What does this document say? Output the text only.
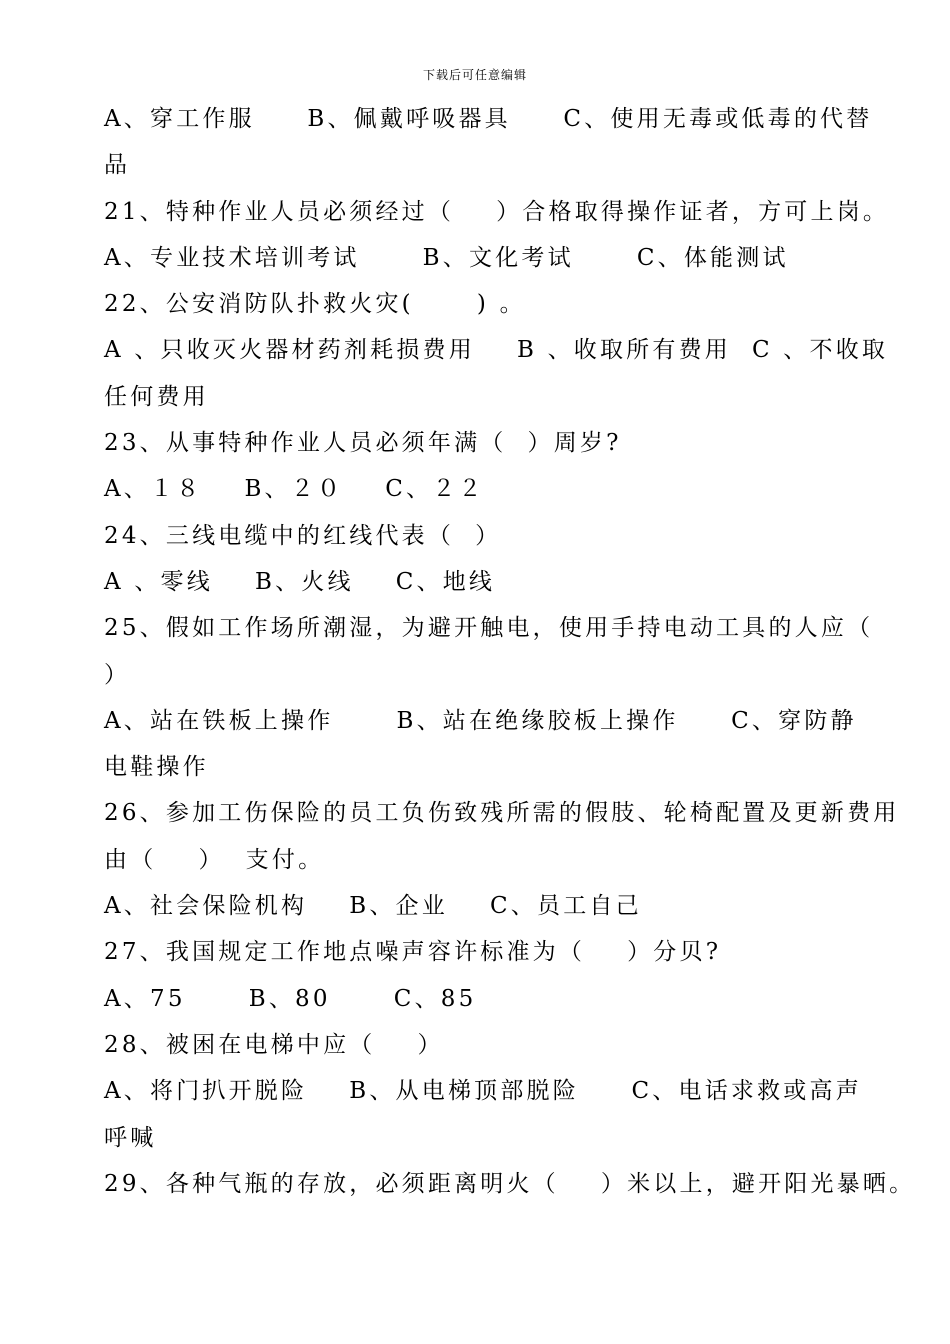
下载后可任意编辑
A、穿工作服     B、佩戴呼吸器具     C、使用无毒或低毒的代替
品
21、特种作业人员必须经过（    ）合格取得操作证者，方可上岗。
A、专业技术培训考试      B、文化考试      C、体能测试
22、公安消防队扑救火灾(      ) 。
A 、只收灭火器材药剂耗损费用    B 、收取所有费用  C 、不收取
任何费用
23、从事特种作业人员必须年满（  ）周岁?
A、１８    B、２０    C、２２
24、三线电缆中的红线代表（  ）
A 、零线    B、火线    C、地线
25、假如工作场所潮湿，为避开触电，使用手持电动工具的人应（
）
A、站在铁板上操作      B、站在绝缘胶板上操作     C、穿防静
电鞋操作
26、参加工伤保险的员工负伤致残所需的假肢、轮椅配置及更新费用
由（    ）  支付。
A、社会保险机构    B、企业    C、员工自己
27、我国规定工作地点噪声容许标准为（    ）分贝?
A、75      B、80      C、85
28、被困在电梯中应（    ）
A、将门扒开脱险    B、从电梯顶部脱险     C、电话求救或高声
呼喊
29、各种气瓶的存放，必须距离明火（    ）米以上，避开阳光暴晒。
